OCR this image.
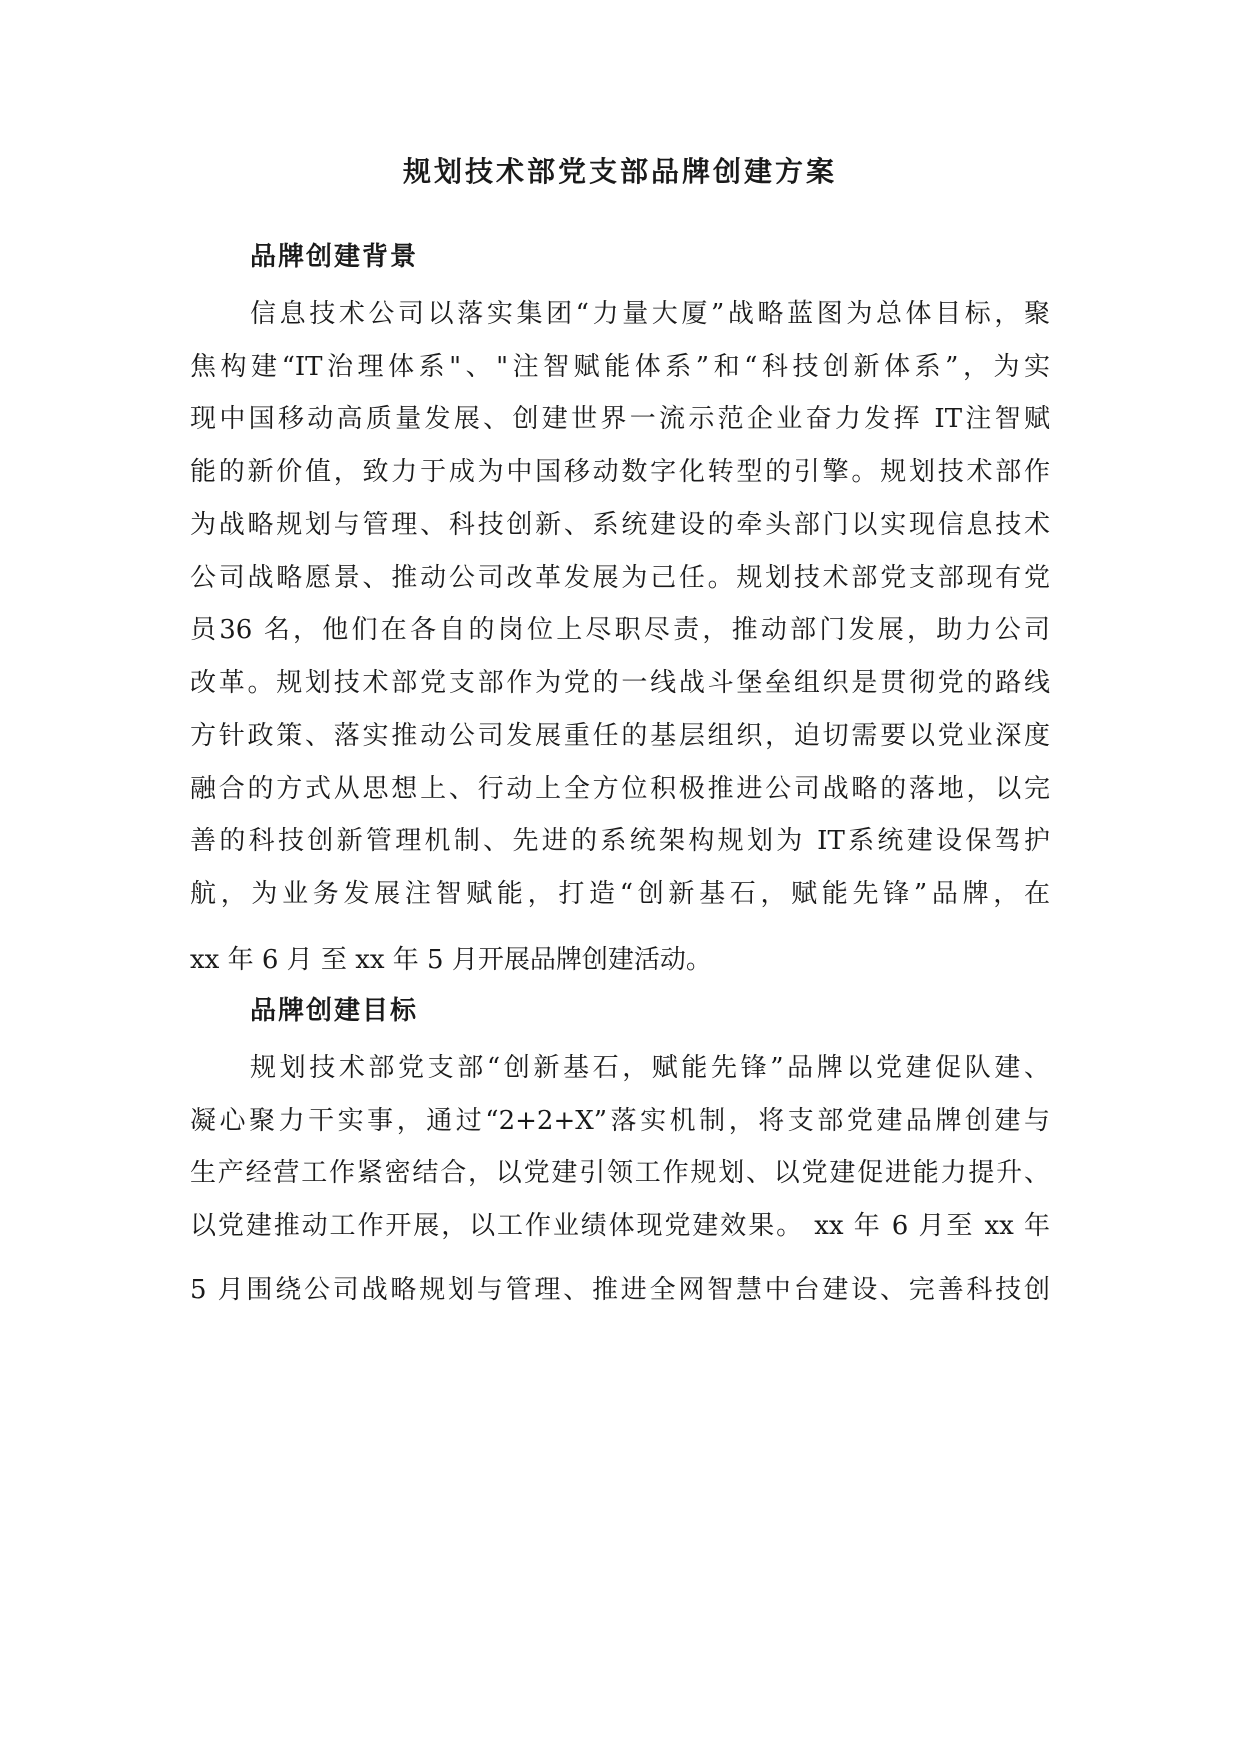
规划技术部党支部品牌创建方案
品牌创建背景
信息技术公司以落实集团“力量大厦”战略蓝图为总体目标，聚
焦构建“IT治理体系"、"注智赋能体系”和“科技创新体系”，为实
现中国移动高质量发展、创建世界一流示范企业奋力发挥 IT注智赋
能的新价值，致力于成为中国移动数字化转型的引擎。规划技术部作
为战略规划与管理、科技创新、系统建设的牵头部门以实现信息技术
公司战略愿景、推动公司改革发展为己任。规划技术部党支部现有党
员36 名，他们在各自的岗位上尽职尽责，推动部门发展，助力公司
改革。规划技术部党支部作为党的一线战斗堡垒组织是贯彻党的路线
方针政策、落实推动公司发展重任的基层组织，迫切需要以党业深度
融合的方式从思想上、行动上全方位积极推进公司战略的落地，以完
善的科技创新管理机制、先进的系统架构规划为 IT系统建设保驾护
航，为业务发展注智赋能，打造“创新基石，赋能先锋”品牌，在
xx 年 6 月 至 xx 年 5 月开展品牌创建活动。
品牌创建目标
规划技术部党支部“创新基石，赋能先锋”品牌以党建促队建、
凝心聚力干实事，通过“2+2+X”落实机制，将支部党建品牌创建与
生产经营工作紧密结合，以党建引领工作规划、以党建促进能力提升、
以党建推动工作开展，以工作业绩体现党建效果。 xx 年 6 月至 xx 年
5 月围绕公司战略规划与管理、推进全网智慧中台建设、完善科技创
